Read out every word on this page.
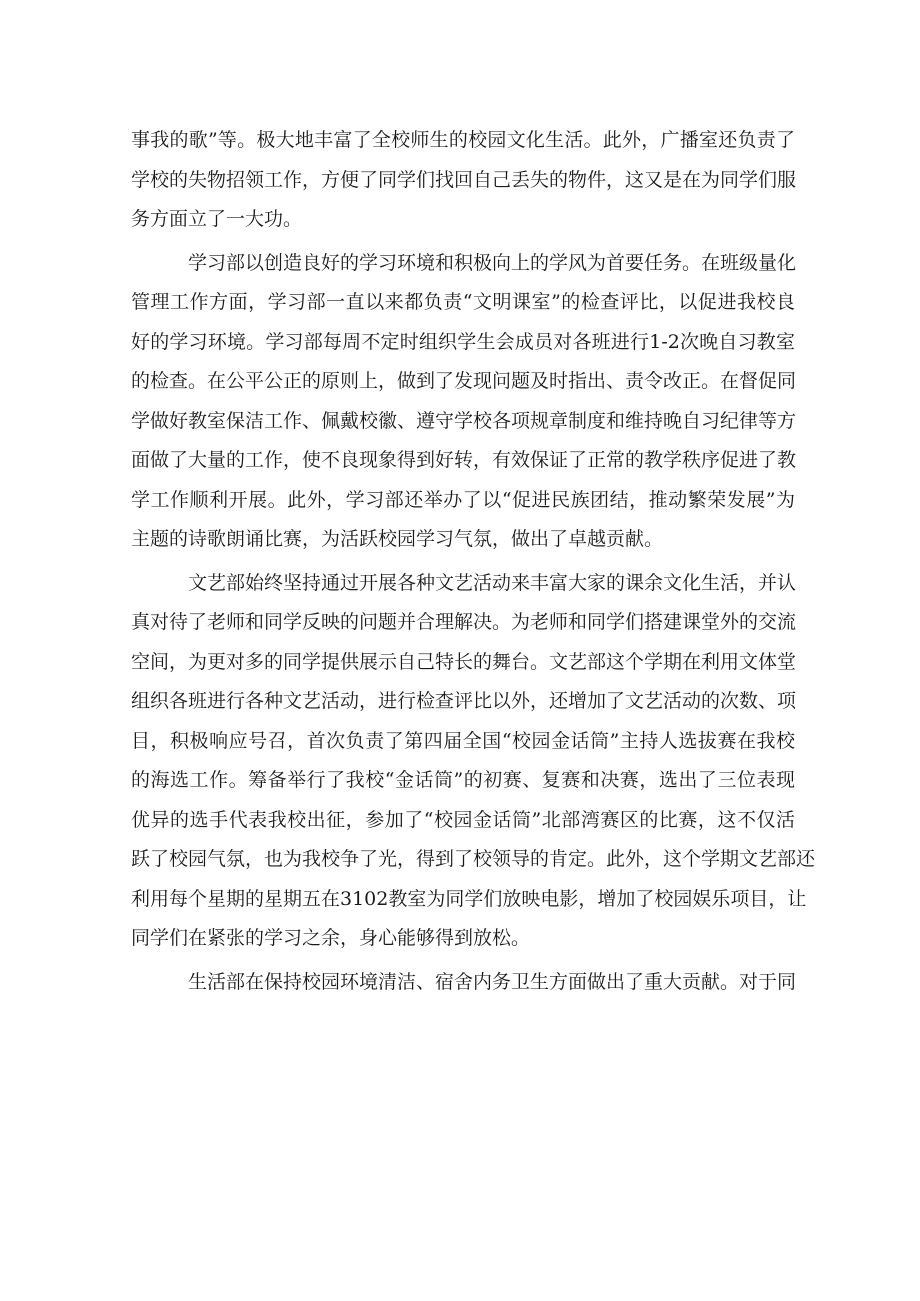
事我的歌”等。极大地丰富了全校师生的校园文化生活。此外，广播室还负责了
学校的失物招领工作，方便了同学们找回自己丢失的物件，这又是在为同学们服
务方面立了一大功。
学习部以创造良好的学习环境和积极向上的学风为首要任务。在班级量化
管理工作方面，学习部一直以来都负责“文明课室”的检查评比，以促进我校良
好的学习环境。学习部每周不定时组织学生会成员对各班进行1-2次晚自习教室
的检查。在公平公正的原则上，做到了发现问题及时指出、责令改正。在督促同
学做好教室保洁工作、佩戴校徽、遵守学校各项规章制度和维持晚自习纪律等方
面做了大量的工作，使不良现象得到好转，有效保证了正常的教学秩序促进了教
学工作顺利开展。此外，学习部还举办了以“促进民族团结，推动繁荣发展”为
主题的诗歌朗诵比赛，为活跃校园学习气氛，做出了卓越贡献。
文艺部始终坚持通过开展各种文艺活动来丰富大家的课余文化生活，并认
真对待了老师和同学反映的问题并合理解决。为老师和同学们搭建课堂外的交流
空间，为更对多的同学提供展示自己特长的舞台。文艺部这个学期在利用文体堂
组织各班进行各种文艺活动，进行检查评比以外，还增加了文艺活动的次数、项
目，积极响应号召，首次负责了第四届全国“校园金话筒”主持人选拔赛在我校
的海选工作。筹备举行了我校“金话筒”的初赛、复赛和决赛，选出了三位表现
优异的选手代表我校出征，参加了“校园金话筒”北部湾赛区的比赛，这不仅活
跃了校园气氛，也为我校争了光，得到了校领导的肯定。此外，这个学期文艺部还
利用每个星期的星期五在3102教室为同学们放映电影，增加了校园娱乐项目，让
同学们在紧张的学习之余，身心能够得到放松。
生活部在保持校园环境清洁、宿舍内务卫生方面做出了重大贡献。对于同
